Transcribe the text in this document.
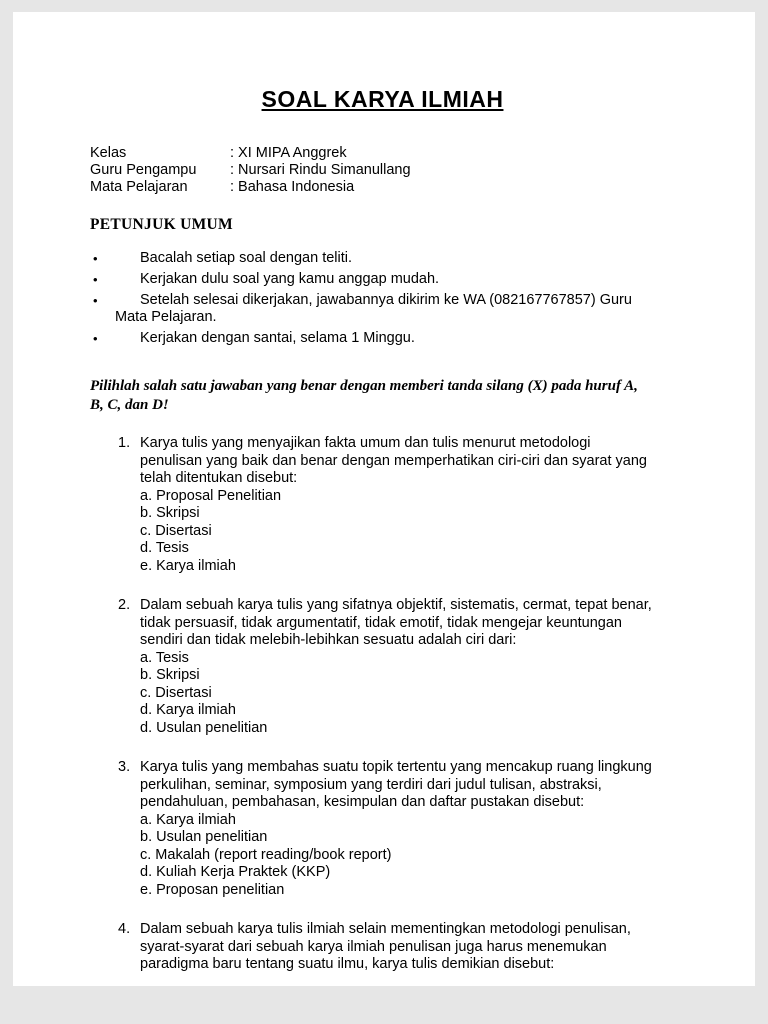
SOAL KARYA ILMIAH
Kelas	: XI MIPA Anggrek
Guru Pengampu	: Nursari Rindu Simanullang
Mata Pelajaran	: Bahasa Indonesia
PETUNJUK UMUM
•
Bacalah setiap soal dengan teliti.
•
Kerjakan dulu soal yang kamu anggap mudah.
•
Setelah selesai dikerjakan, jawabannya dikirim ke WA (082167767857) Guru Mata Pelajaran.
•
Kerjakan dengan santai, selama 1 Minggu.

Pilihlah salah satu jawaban yang benar dengan memberi tanda silang (X) pada huruf A, B, C, dan D!

1. Karya tulis yang menyajikan fakta umum dan tulis menurut metodologi penulisan yang baik dan benar dengan memperhatikan ciri-ciri dan syarat yang telah ditentukan disebut:
a. Proposal Penelitian
b. Skripsi
c. Disertasi
d. Tesis
e. Karya ilmiah
2. Dalam sebuah karya tulis yang sifatnya objektif, sistematis, cermat, tepat benar, tidak persuasif, tidak argumentatif, tidak emotif, tidak mengejar keuntungan sendiri dan tidak melebih-lebihkan sesuatu adalah ciri dari:
a. Tesis
b. Skripsi
c. Disertasi
d. Karya ilmiah
d. Usulan penelitian
3. Karya tulis yang membahas suatu topik tertentu yang mencakup ruang lingkung perkulihan, seminar, symposium yang terdiri dari judul tulisan, abstraksi, pendahuluan, pembahasan, kesimpulan dan daftar pustakan disebut:
a. Karya ilmiah
b. Usulan penelitian
c. Makalah (report reading/book report)
d. Kuliah Kerja Praktek (KKP)
e. Proposan penelitian
4. Dalam sebuah karya tulis ilmiah selain mementingkan metodologi penulisan, syarat-syarat dari sebuah karya ilmiah penulisan juga harus menemukan paradigma baru tentang suatu ilmu, karya tulis demikian disebut:
